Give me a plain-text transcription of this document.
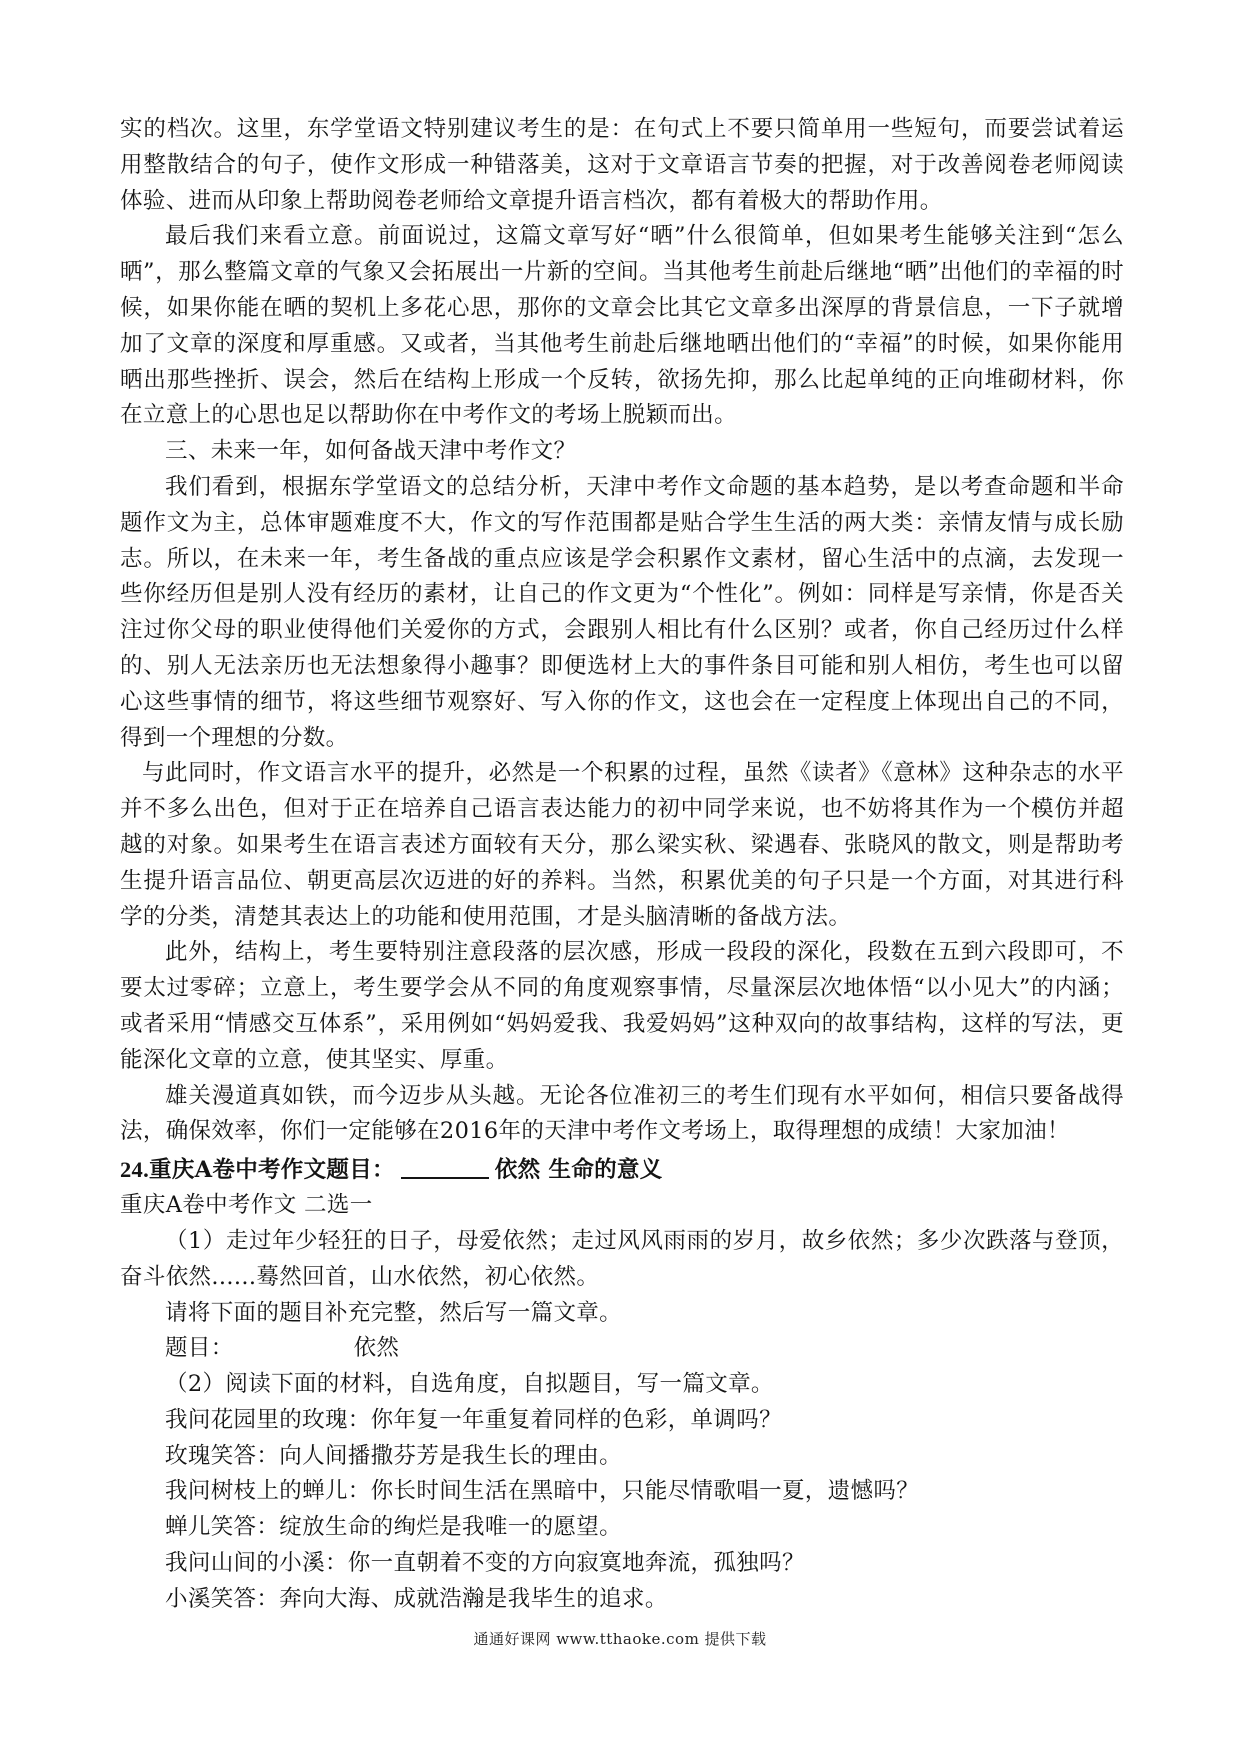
实的档次。这里，东学堂语文特别建议考生的是：在句式上不要只简单用一些短句，而要尝试着运用整散结合的句子，使作文形成一种错落美，这对于文章语言节奏的把握，对于改善阅卷老师阅读体验、进而从印象上帮助阅卷老师给文章提升语言档次，都有着极大的帮助作用。

最后我们来看立意。前面说过，这篇文章写好“晒”什么很简单，但如果考生能够关注到“怎么晒”，那么整篇文章的气象又会拓展出一片新的空间。当其他考生前赴后继地“晒”出他们的幸福的时候，如果你能在晒的契机上多花心思，那你的文章会比其它文章多出深厚的背景信息，一下子就增加了文章的深度和厚重感。又或者，当其他考生前赴后继地晒出他们的“幸福”的时候，如果你能用晒出那些挫折、误会，然后在结构上形成一个反转，欲扬先抑，那么比起单纯的正向堆砌材料，你在立意上的心思也足以帮助你在中考作文的考场上脱颖而出。

三、未来一年，如何备战天津中考作文？

我们看到，根据东学堂语文的总结分析，天津中考作文命题的基本趋势，是以考查命题和半命题作文为主，总体审题难度不大，作文的写作范围都是贴合学生生活的两大类：亲情友情与成长励志。所以，在未来一年，考生备战的重点应该是学会积累作文素材，留心生活中的点滴，去发现一些你经历但是别人没有经历的素材，让自己的作文更为“个性化”。例如：同样是写亲情，你是否关注过你父母的职业使得他们关爱你的方式，会跟别人相比有什么区别？或者，你自己经历过什么样的、别人无法亲历也无法想象得小趣事？即便选材上大的事件条目可能和别人相仿，考生也可以留心这些事情的细节，将这些细节观察好、写入你的作文，这也会在一定程度上体现出自己的不同，得到一个理想的分数。

与此同时，作文语言水平的提升，必然是一个积累的过程，虽然《读者》《意林》这种杂志的水平并不多么出色，但对于正在培养自己语言表达能力的初中同学来说，也不妨将其作为一个模仿并超越的对象。如果考生在语言表述方面较有天分，那么梁实秋、梁遇春、张晓风的散文，则是帮助考生提升语言品位、朝更高层次迈进的好的养料。当然，积累优美的句子只是一个方面，对其进行科学的分类，清楚其表达上的功能和使用范围，才是头脑清晰的备战方法。

此外，结构上，考生要特别注意段落的层次感，形成一段段的深化，段数在五到六段即可，不要太过零碎；立意上，考生要学会从不同的角度观察事情，尽量深层次地体悟“以小见大”的内涵；或者采用“情感交互体系”，采用例如“妈妈爱我、我爱妈妈”这种双向的故事结构，这样的写法，更能深化文章的立意，使其坚实、厚重。

雄关漫道真如铁，而今迈步从头越。无论各位准初三的考生们现有水平如何，相信只要备战得法，确保效率，你们一定能够在2016年的天津中考作文考场上，取得理想的成绩！大家加油！

24.重庆A卷中考作文题目：	依然 生命的意义

重庆A卷中考作文 二选一

（1）走过年少轻狂的日子，母爱依然；走过风风雨雨的岁月，故乡依然；多少次跌落与登顶，奋斗依然......蓦然回首，山水依然，初心依然。

请将下面的题目补充完整，然后写一篇文章。

题目：	依然

（2）阅读下面的材料，自选角度，自拟题目，写一篇文章。

我问花园里的玫瑰：你年复一年重复着同样的色彩，单调吗？

玫瑰笑答：向人间播撒芬芳是我生长的理由。

我问树枝上的蝉儿：你长时间生活在黑暗中，只能尽情歌唱一夏，遗憾吗？

蝉儿笑答：绽放生命的绚烂是我唯一的愿望。

我问山间的小溪：你一直朝着不变的方向寂寞地奔流，孤独吗？

小溪笑答：奔向大海、成就浩瀚是我毕生的追求。

通通好课网 www.tthaoke.com 提供下载
